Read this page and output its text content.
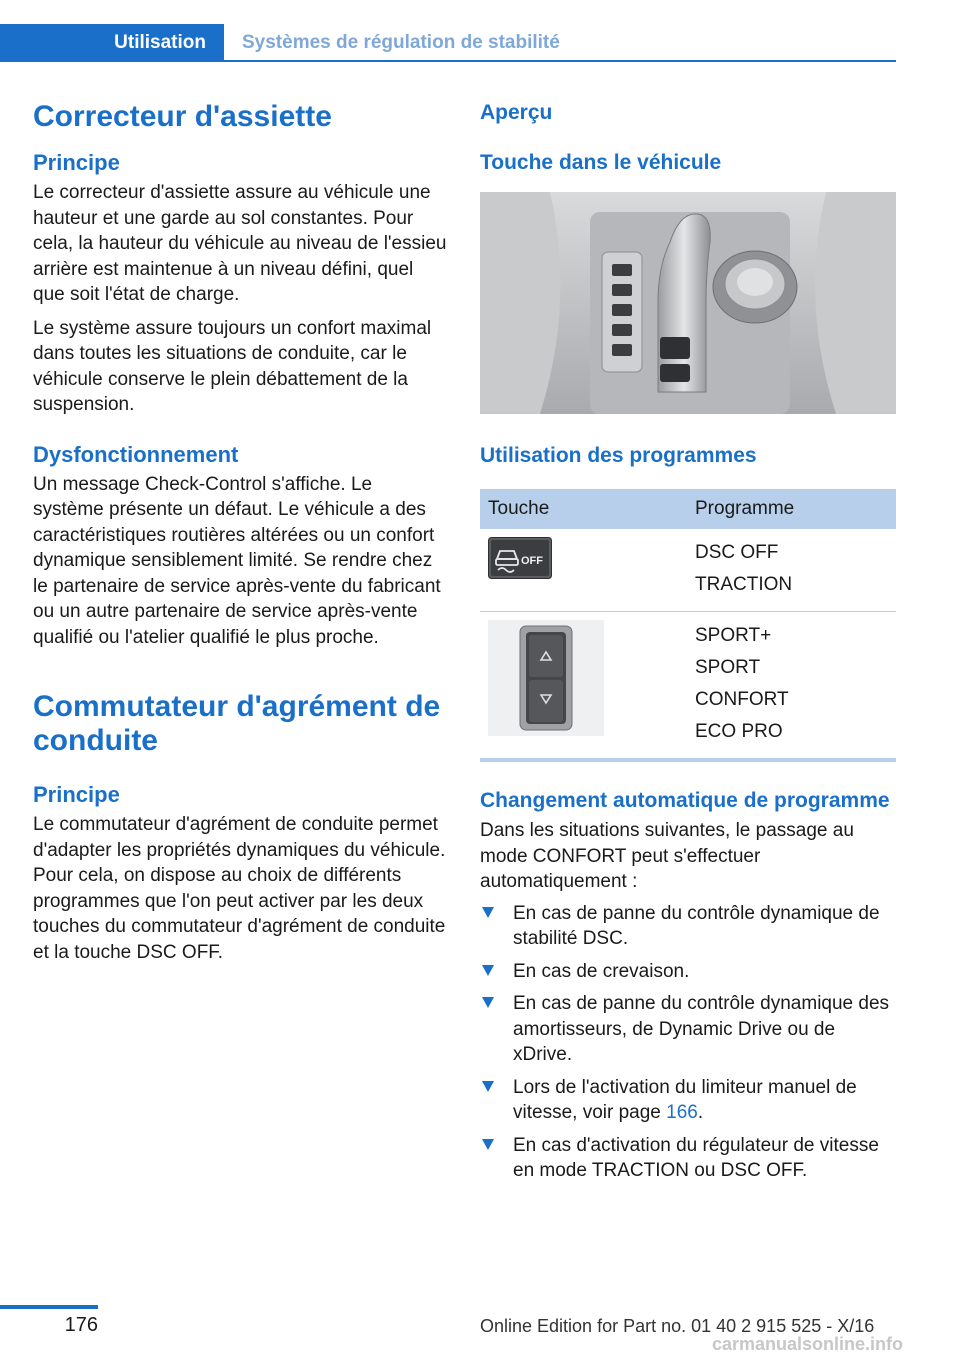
Utilisation	Systèmes de régulation de stabilité
Correcteur d'assiette
Principe

Le correcteur d'assiette assure au véhicule une hauteur et une garde au sol constantes. Pour cela, la hauteur du véhicule au niveau de l'essieu arrière est maintenue à un niveau défini, quel que soit l'état de charge.

Le système assure toujours un confort maximal dans toutes les situations de conduite, car le véhicule conserve le plein débattement de la suspension.

Dysfonctionnement

Un message Check-Control s'affiche. Le système présente un défaut. Le véhicule a des caractéristiques routières altérées ou un confort dynamique sensiblement limité. Se rendre chez le partenaire de service après-vente du fabricant ou un autre partenaire de service après-vente qualifié ou l'atelier qualifié le plus proche.

Commutateur d'agrément de conduite
Principe

Le commutateur d'agrément de conduite permet d'adapter les propriétés dynamiques du véhicule. Pour cela, on dispose au choix de différents programmes que l'on peut activer par les deux touches du commutateur d'agrément de conduite et la touche DSC OFF.

Aperçu
Touche dans le véhicule
Utilisation des programmes
Touche	Programme

OFF	DSC OFF
TRACTION

SPORT+
SPORT
CONFORT
ECO PRO
Changement automatique de programme

Dans les situations suivantes, le passage au mode CONFORT peut s'effectuer automatiquement :

En cas de panne du contrôle dynamique de stabilité DSC.
En cas de crevaison.
En cas de panne du contrôle dynamique des amortisseurs, de Dynamic Drive ou de xDrive.
Lors de l'activation du limiteur manuel de vitesse, voir page 166.
En cas d'activation du régulateur de vitesse en mode TRACTION ou DSC OFF.
176	Online Edition for Part no. 01 40 2 915 525 - X/16
carmanualsonline.info
